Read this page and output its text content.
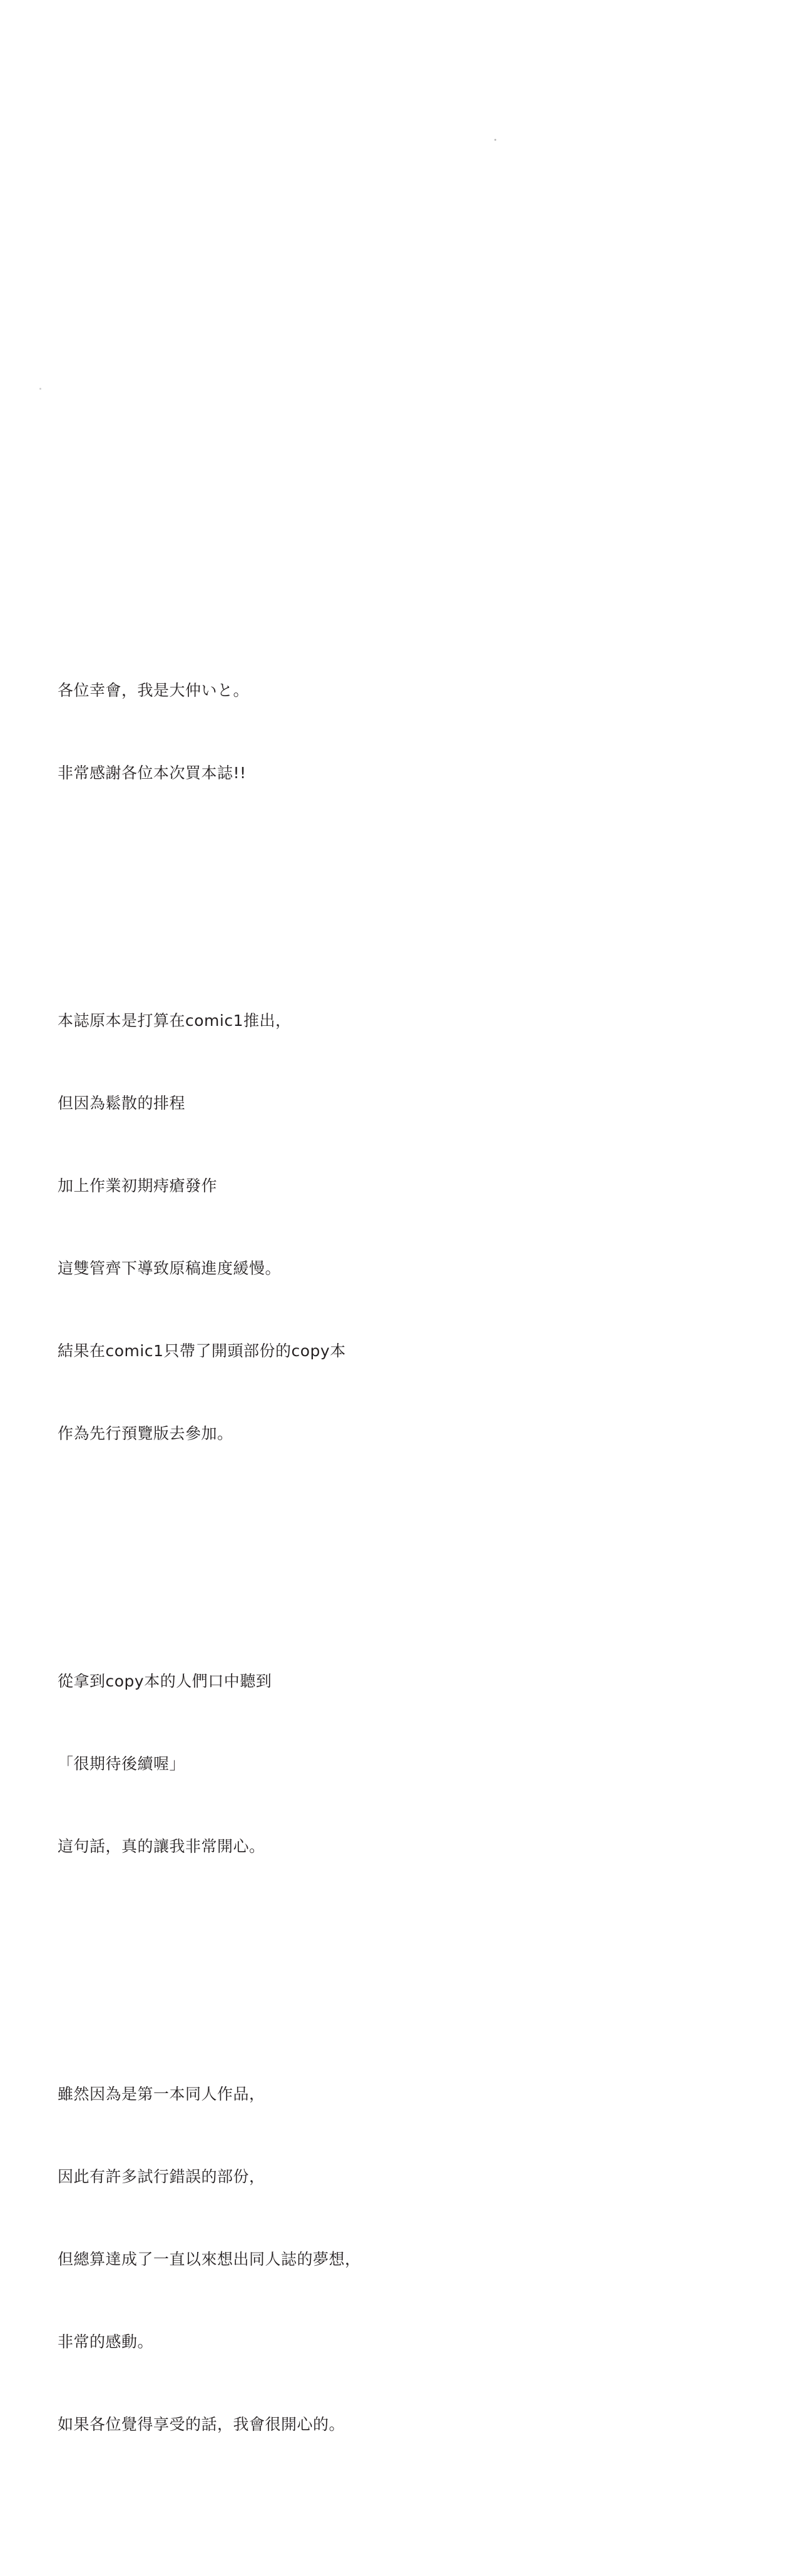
各位幸會，我是大仲いと。

非常感謝各位本次買本誌!!

本誌原本是打算在comic1推出，

但因為鬆散的排程

加上作業初期痔瘡發作

這雙管齊下導致原稿進度緩慢。

結果在comic1只帶了開頭部份的copy本

作為先行預覽版去參加。

從拿到copy本的人們口中聽到

「很期待後續喔」

這句話，真的讓我非常開心。

雖然因為是第一本同人作品，

因此有許多試行錯誤的部份，

但總算達成了一直以來想出同人誌的夢想，

非常的感動。

如果各位覺得享受的話，我會很開心的。
